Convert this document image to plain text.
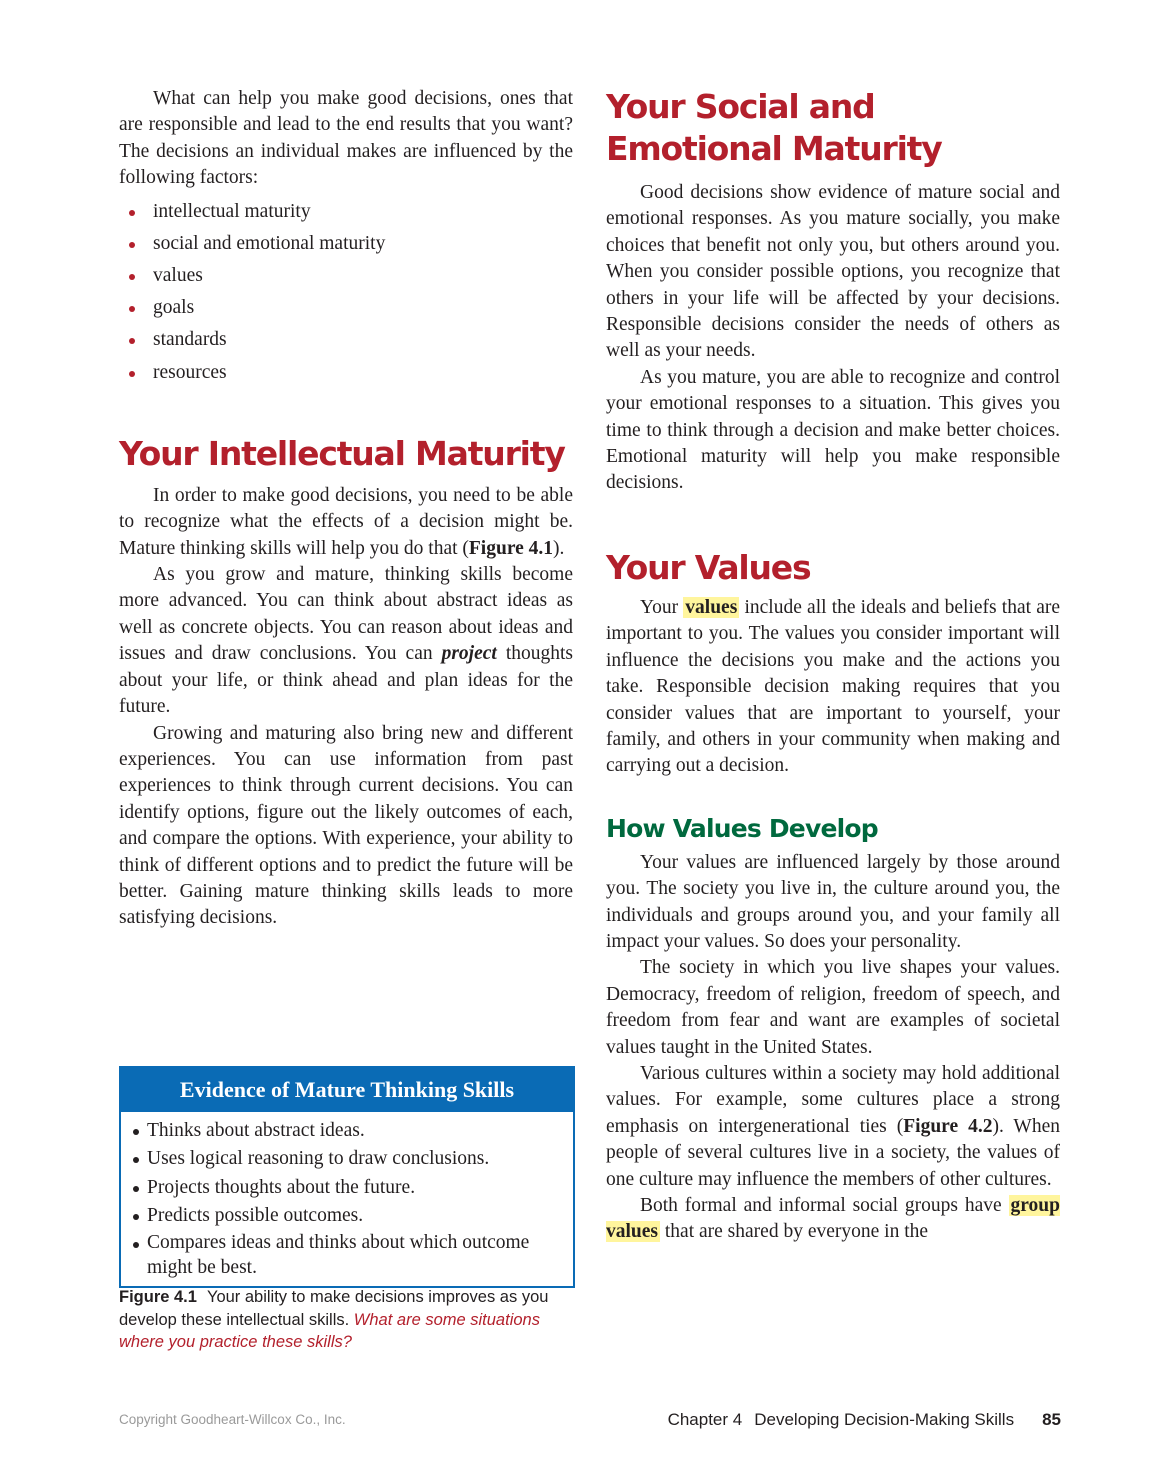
What can help you make good decisions, ones that are responsible and lead to the end results that you want? The decisions an individual makes are influenced by the following factors:

intellectual maturity
social and emotional maturity
values
goals
standards
resources
Your Intellectual Maturity

In order to make good decisions, you need to be able to recognize what the effects of a decision might be. Mature thinking skills will help you do that (Figure 4.1).

As you grow and mature, thinking skills become more advanced. You can think about abstract ideas as well as concrete objects. You can reason about ideas and issues and draw conclusions. You can project thoughts about your life, or think ahead and plan ideas for the future.

Growing and maturing also bring new and different experiences. You can use information from past experiences to think through current decisions. You can identify options, figure out the likely outcomes of each, and compare the options. With experience, your ability to think of different options and to predict the future will be better. Gaining mature thinking skills leads to more satisfying decisions.

Evidence of Mature Thinking Skills
Thinks about abstract ideas.
Uses logical reasoning to draw conclusions.
Projects thoughts about the future.
Predicts possible outcomes.
Compares ideas and thinks about which outcome might be best.
Figure 4.1 Your ability to make decisions improves as you develop these intellectual skills. What are some situations where you practice these skills?
Your Social and Emotional Maturity

Good decisions show evidence of mature social and emotional responses. As you mature socially, you make choices that benefit not only you, but others around you. When you consider possible options, you recognize that others in your life will be affected by your decisions. Responsible decisions consider the needs of others as well as your needs.

As you mature, you are able to recognize and control your emotional responses to a situation. This gives you time to think through a decision and make better choices. Emotional maturity will help you make responsible decisions.

Your Values

Your values include all the ideals and beliefs that are important to you. The values you consider important will influence the decisions you make and the actions you take. Responsible decision making requires that you consider values that are important to yourself, your family, and others in your community when making and carrying out a decision.

How Values Develop

Your values are influenced largely by those around you. The society you live in, the culture around you, the individuals and groups around you, and your family all impact your values. So does your personality.

The society in which you live shapes your values. Democracy, freedom of religion, freedom of speech, and freedom from fear and want are examples of societal values taught in the United States.

Various cultures within a society may hold additional values. For example, some cultures place a strong emphasis on intergenerational ties (Figure 4.2). When people of several cultures live in a society, the values of one culture may influence the members of other cultures.

Both formal and informal social groups have group values that are shared by everyone in the

Copyright Goodheart-Willcox Co., Inc.	Chapter 4 Developing Decision-Making Skills 85
